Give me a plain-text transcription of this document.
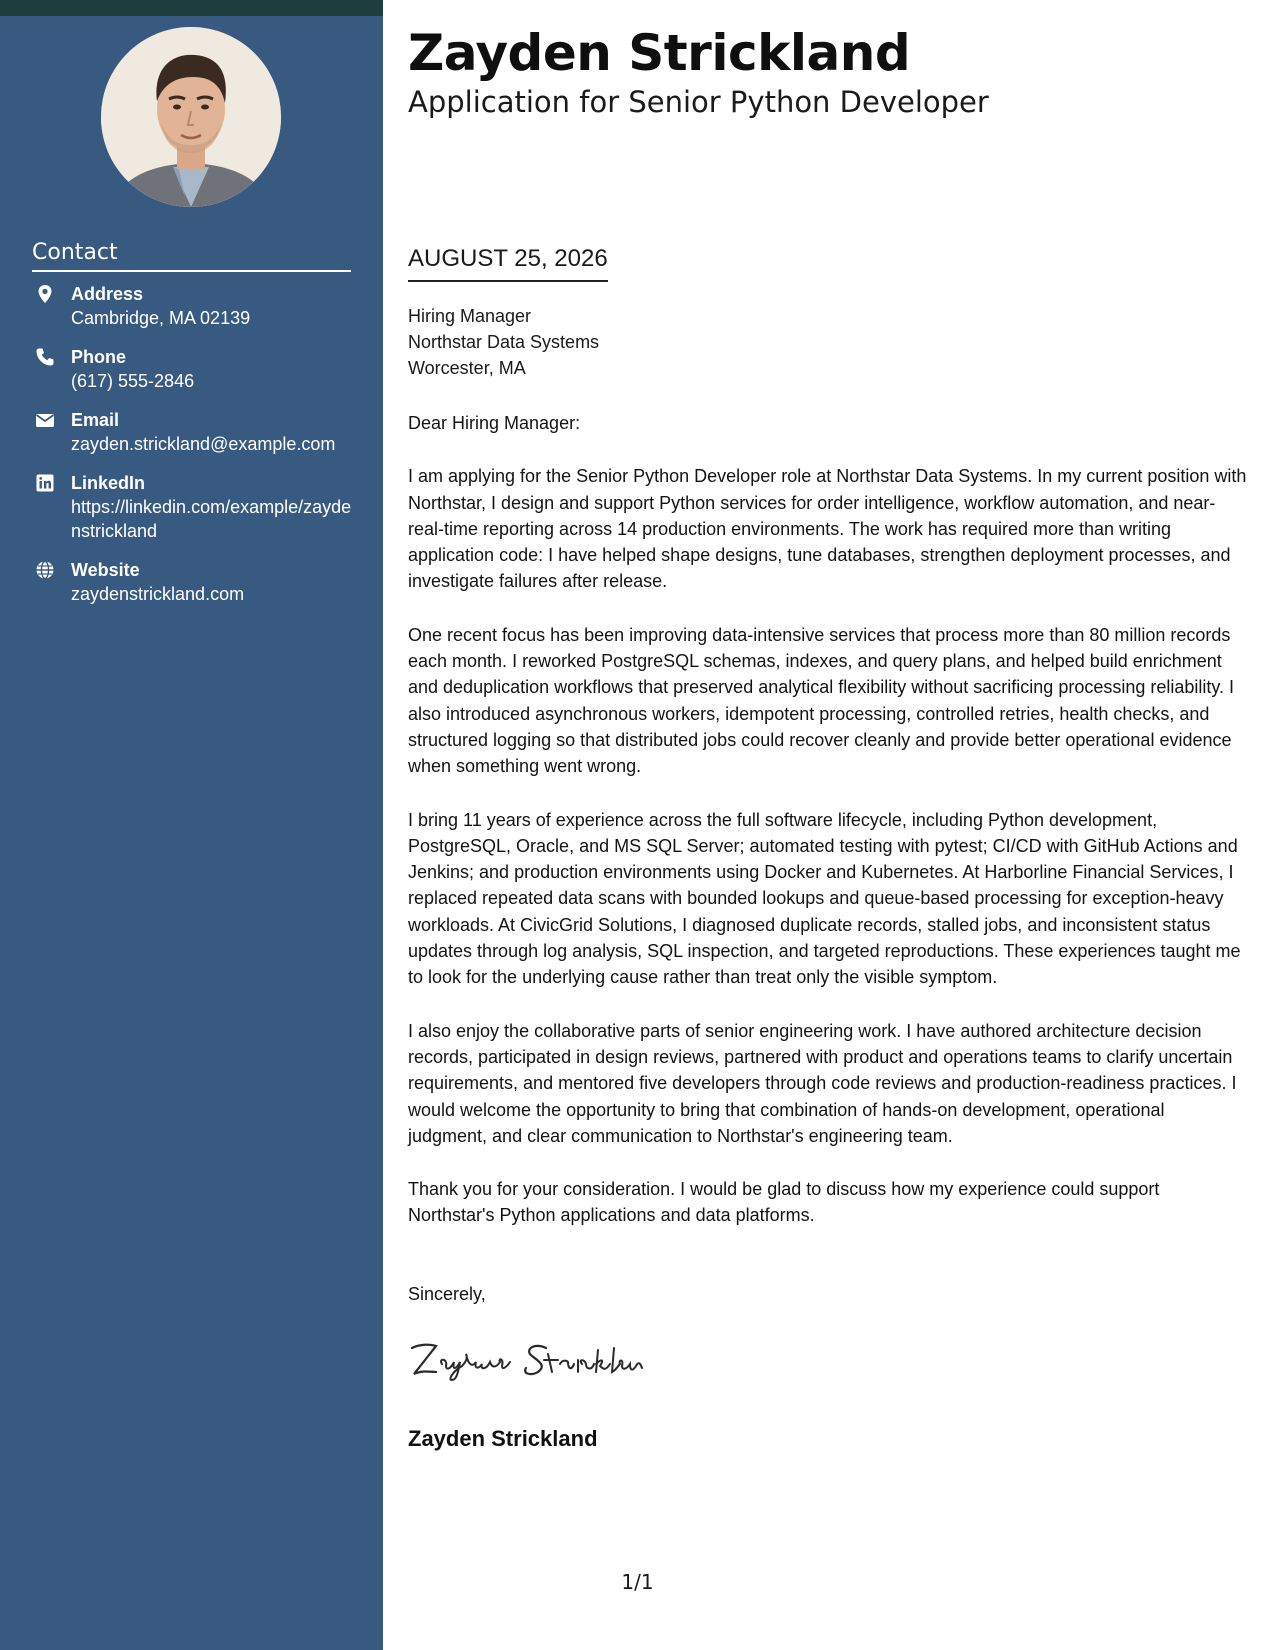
Contact
Address
Cambridge, MA 02139
Phone
(617) 555-2846
Email
zayden.strickland@example.com
LinkedIn
https://linkedin.com/example/zaydenstrickland
Website
zaydenstrickland.com
Zayden Strickland
Application for Senior Python Developer
AUGUST 25, 2026
Hiring Manager
Northstar Data Systems
Worcester, MA

Dear Hiring Manager:

I am applying for the Senior Python Developer role at Northstar Data Systems. In my current position with Northstar, I design and support Python services for order intelligence, workflow automation, and near-real-time reporting across 14 production environments. The work has required more than writing application code: I have helped shape designs, tune databases, strengthen deployment processes, and investigate failures after release.

One recent focus has been improving data-intensive services that process more than 80 million records each month. I reworked PostgreSQL schemas, indexes, and query plans, and helped build enrichment and deduplication workflows that preserved analytical flexibility without sacrificing processing reliability. I also introduced asynchronous workers, idempotent processing, controlled retries, health checks, and structured logging so that distributed jobs could recover cleanly and provide better operational evidence when something went wrong.

I bring 11 years of experience across the full software lifecycle, including Python development, PostgreSQL, Oracle, and MS SQL Server; automated testing with pytest; CI/CD with GitHub Actions and Jenkins; and production environments using Docker and Kubernetes. At Harborline Financial Services, I replaced repeated data scans with bounded lookups and queue-based processing for exception-heavy workloads. At CivicGrid Solutions, I diagnosed duplicate records, stalled jobs, and inconsistent status updates through log analysis, SQL inspection, and targeted reproductions. These experiences taught me to look for the underlying cause rather than treat only the visible symptom.

I also enjoy the collaborative parts of senior engineering work. I have authored architecture decision records, participated in design reviews, partnered with product and operations teams to clarify uncertain requirements, and mentored five developers through code reviews and production-readiness practices. I would welcome the opportunity to bring that combination of hands-on development, operational judgment, and clear communication to Northstar's engineering team.

Thank you for your consideration. I would be glad to discuss how my experience could support Northstar's Python applications and data platforms.

Sincerely,
Zayden Strickland
1/1
